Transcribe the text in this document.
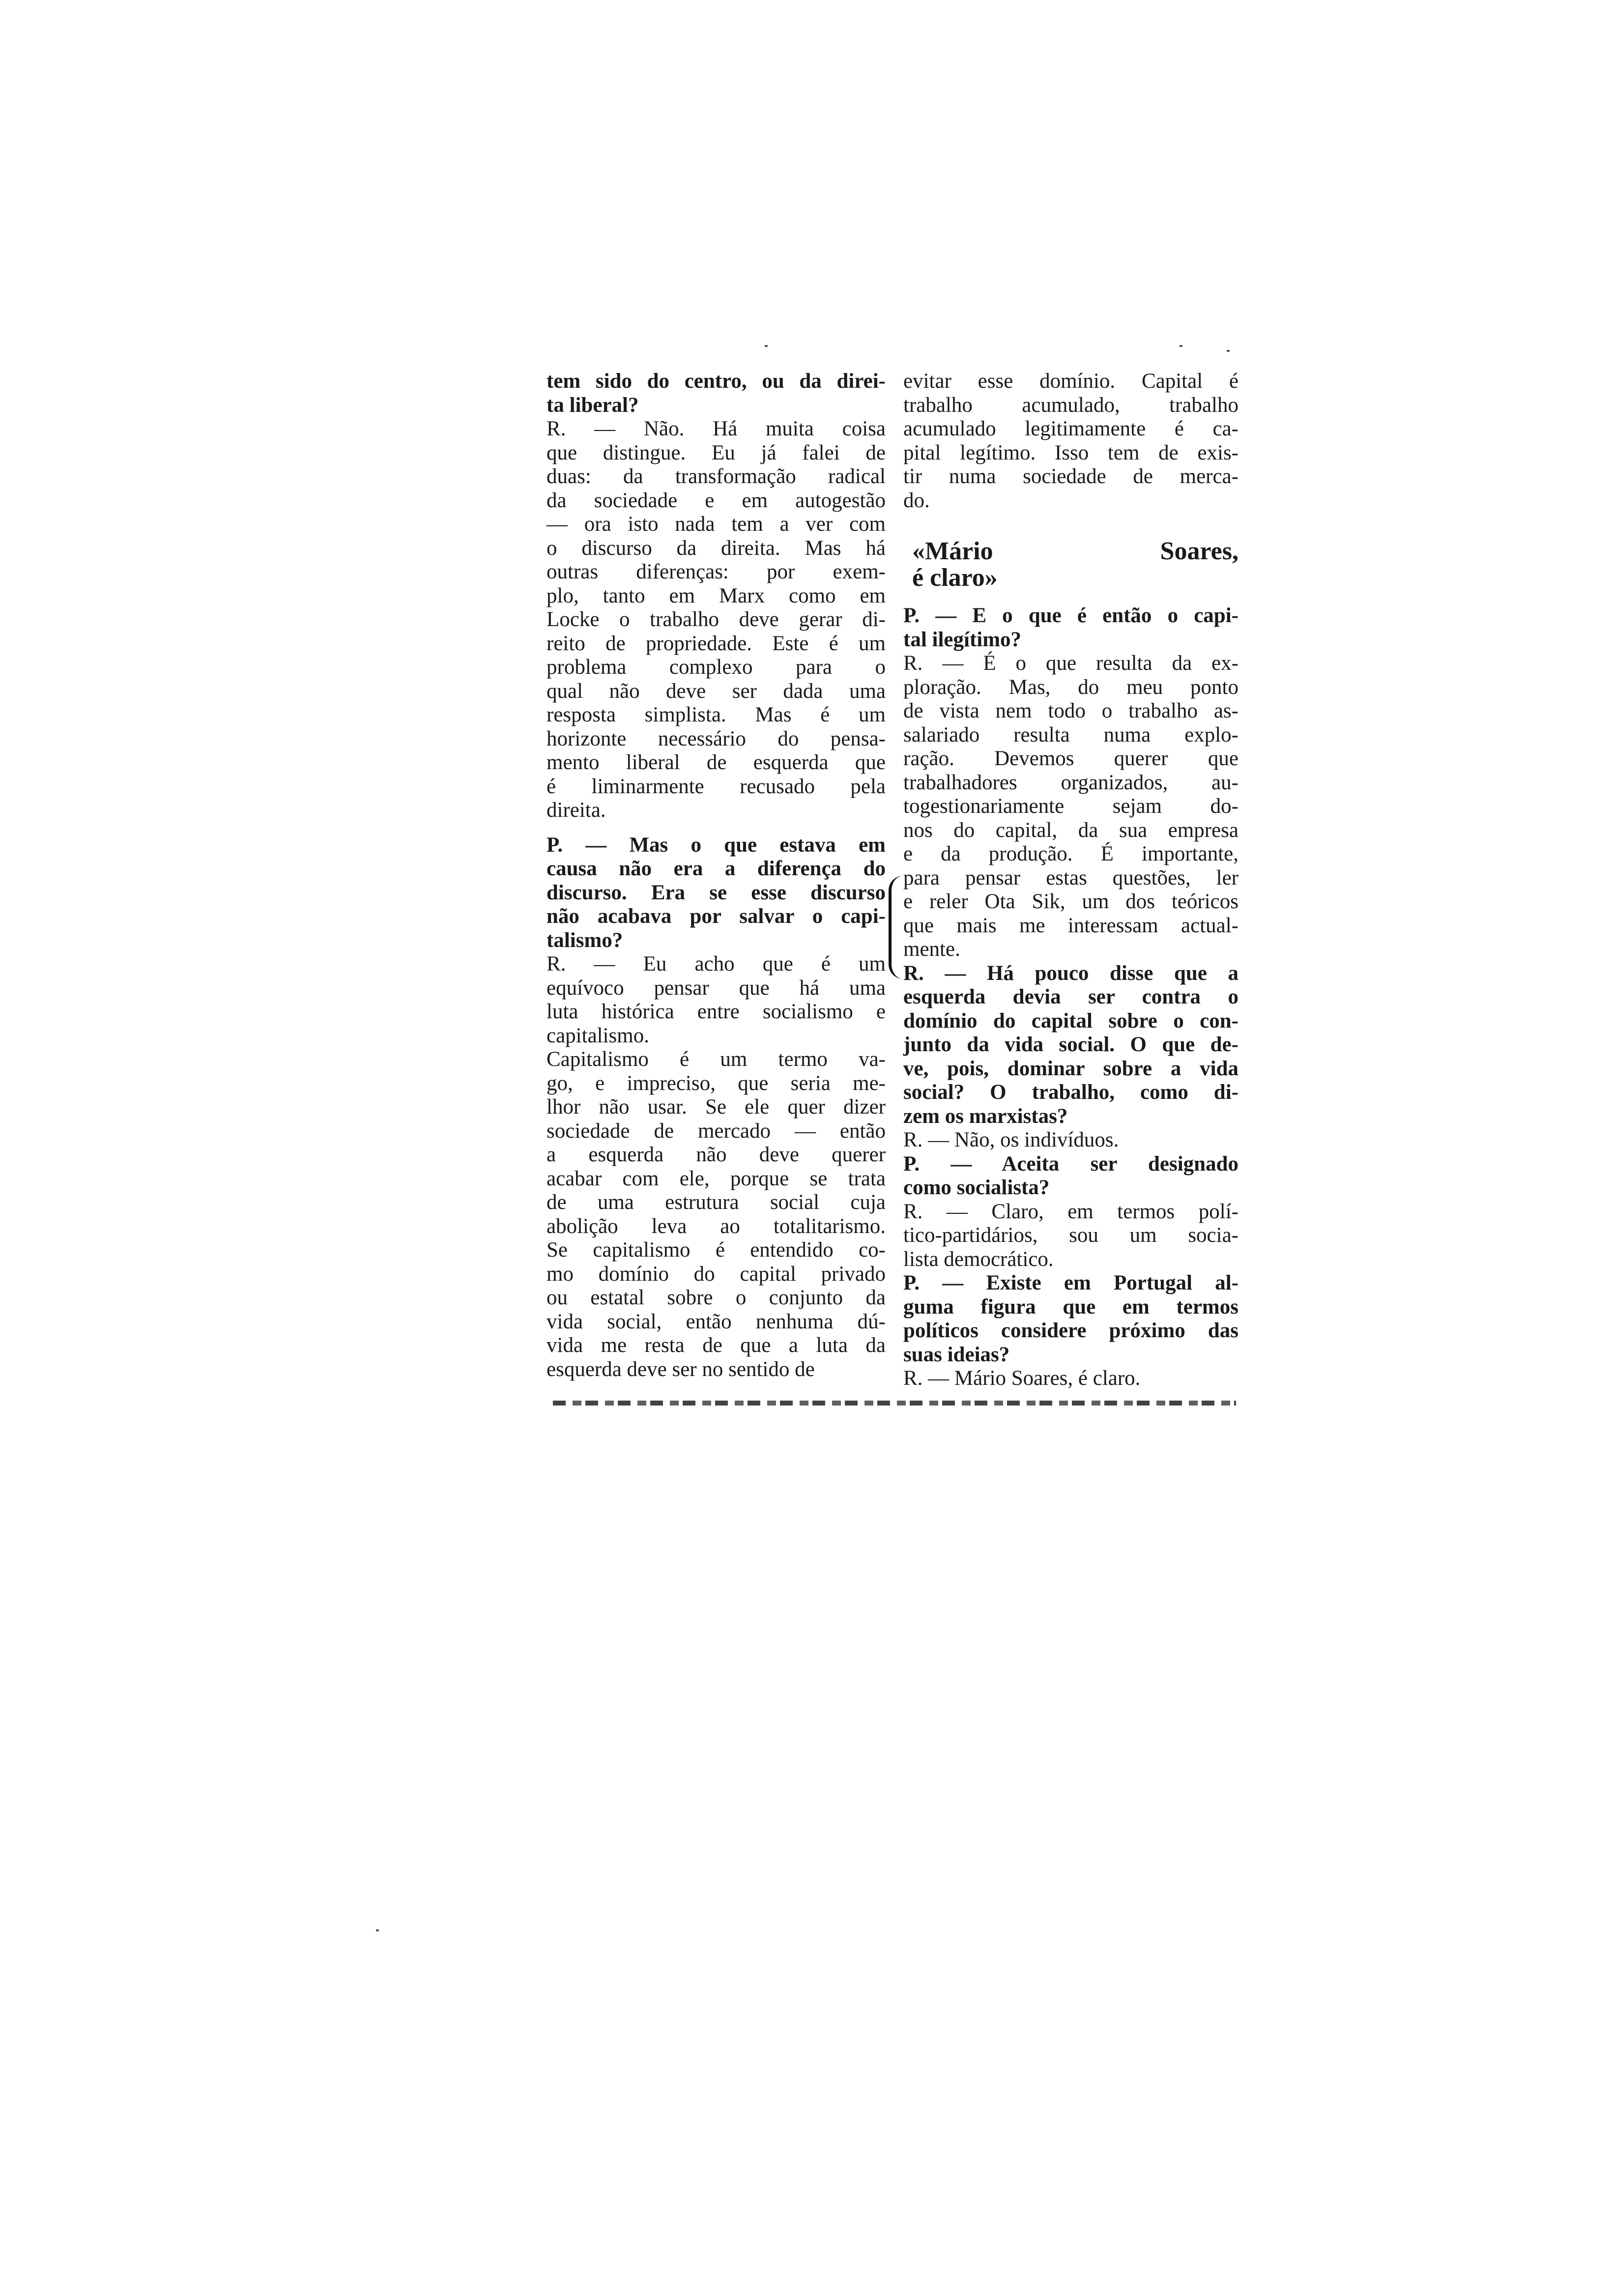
tem sido do centro, ou da direi-
ta liberal?
R. — Não. Há muita coisa
que distingue. Eu já falei de
duas: da transformação radical
da sociedade e em autogestão
— ora isto nada tem a ver com
o discurso da direita. Mas há
outras diferenças: por exem-
plo, tanto em Marx como em
Locke o trabalho deve gerar di-
reito de propriedade. Este é um
problema complexo para o
qual não deve ser dada uma
resposta simplista. Mas é um
horizonte necessário do pensa-
mento liberal de esquerda que
é liminarmente recusado pela
direita.
P. — Mas o que estava em
causa não era a diferença do
discurso. Era se esse discurso
não acabava por salvar o capi-
talismo?
R. — Eu acho que é um
equívoco pensar que há uma
luta histórica entre socialismo e
capitalismo.
Capitalismo é um termo va-
go, e impreciso, que seria me-
lhor não usar. Se ele quer dizer
sociedade de mercado — então
a esquerda não deve querer
acabar com ele, porque se trata
de uma estrutura social cuja
abolição leva ao totalitarismo.
Se capitalismo é entendido co-
mo domínio do capital privado
ou estatal sobre o conjunto da
vida social, então nenhuma dú-
vida me resta de que a luta da
esquerda deve ser no sentido de
evitar esse domínio. Capital é
trabalho acumulado, trabalho
acumulado legitimamente é ca-
pital legítimo. Isso tem de exis-
tir numa sociedade de merca-
do.
«Mário Soares,
é claro»
P. — E o que é então o capi-
tal ilegítimo?
R. — É o que resulta da ex-
ploração. Mas, do meu ponto
de vista nem todo o trabalho as-
salariado resulta numa explo-
ração. Devemos querer que
trabalhadores organizados, au-
togestionariamente sejam do-
nos do capital, da sua empresa
e da produção. É importante,
para pensar estas questões, ler
e reler Ota Sik, um dos teóricos
que mais me interessam actual-
mente.
R. — Há pouco disse que a
esquerda devia ser contra o
domínio do capital sobre o con-
junto da vida social. O que de-
ve, pois, dominar sobre a vida
social? O trabalho, como di-
zem os marxistas?
R. — Não, os indivíduos.
P. — Aceita ser designado
como socialista?
R. — Claro, em termos polí-
tico-partidários, sou um socia-
lista democrático.
P. — Existe em Portugal al-
guma figura que em termos
políticos considere próximo das
suas ideias?
R. — Mário Soares, é claro.
